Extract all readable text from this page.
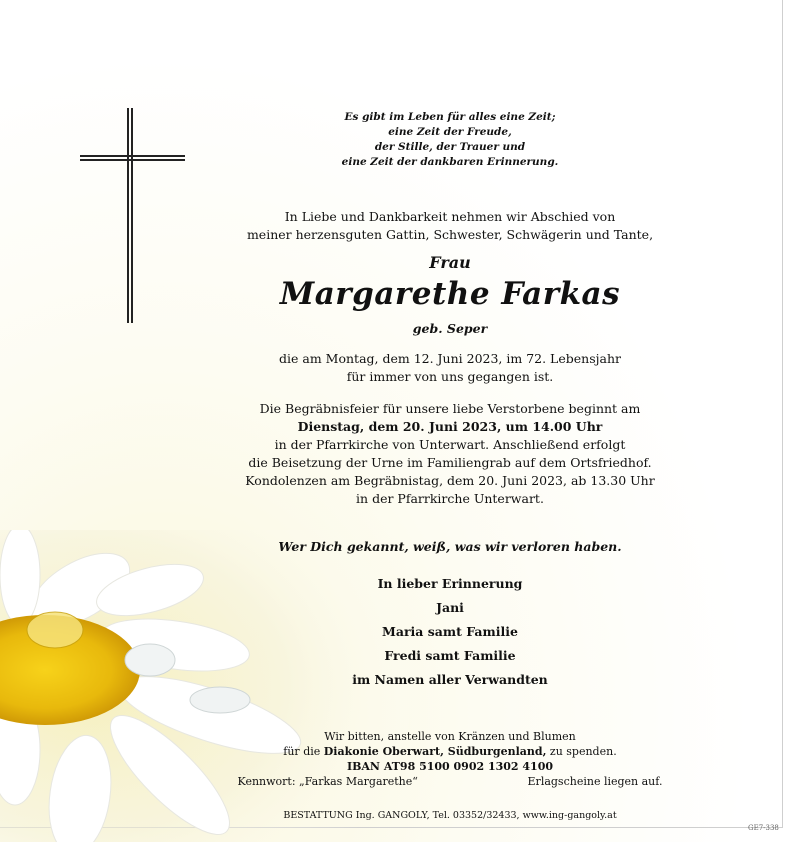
Es gibt im Leben für alles eine Zeit;
eine Zeit der Freude,
der Stille, der Trauer und
eine Zeit der dankbaren Erinnerung.
In Liebe und Dankbarkeit nehmen wir Abschied von
meiner herzensguten Gattin, Schwester, Schwägerin und Tante,
Frau
Margarethe Farkas
geb. Seper
die am Montag, dem 12. Juni 2023, im 72. Lebensjahr
für immer von uns gegangen ist.
Die Begräbnisfeier für unsere liebe Verstorbene beginnt am
Dienstag, dem 20. Juni 2023, um 14.00 Uhr
in der Pfarrkirche von Unterwart. Anschließend erfolgt
die Beisetzung der Urne im Familiengrab auf dem Ortsfriedhof.
Kondolenzen am Begräbnistag, dem 20. Juni 2023, ab 13.30 Uhr
in der Pfarrkirche Unterwart.
Wer Dich gekannt, weiß, was wir verloren haben.
In lieber Erinnerung
Jani
Maria samt Familie
Fredi samt Familie
im Namen aller Verwandten
Wir bitten, anstelle von Kränzen und Blumen
für die Diakonie Oberwart, Südburgenland, zu spenden.
IBAN AT98 5100 0902 1302 4100
Kennwort: „Farkas Margarethe“	Erlagscheine liegen auf.
BESTATTUNG Ing. GANGOLY, Tel. 03352/32433, www.ing-gangoly.at
GE7-338
